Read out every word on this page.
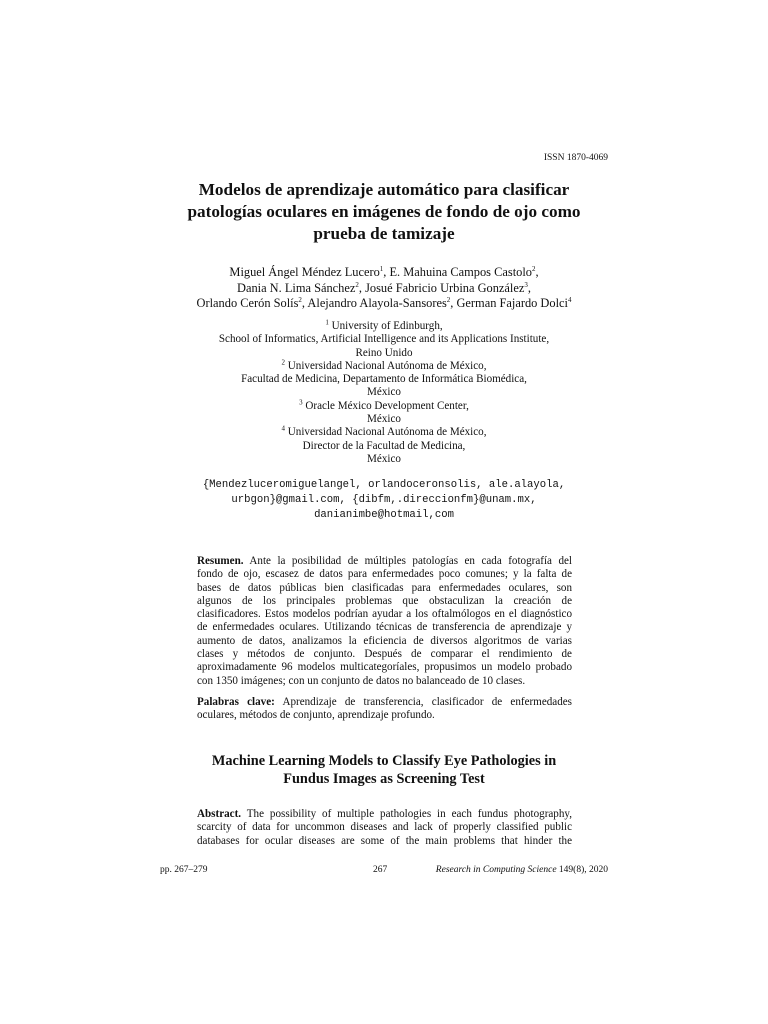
ISSN 1870-4069
Modelos de aprendizaje automático para clasificar
patologías oculares en imágenes de fondo de ojo como
prueba de tamizaje
Miguel Ángel Méndez Lucero$^1$, E. Mahuina Campos Castolo$^2$,
Dania N. Lima Sánchez$^2$, Josué Fabricio Urbina González$^3$,
Orlando Cerón Solís$^2$, Alejandro Alayola-Sansores$^2$, German Fajardo Dolci$^4$
$^1$ University of Edinburgh,
School of Informatics, Artificial Intelligence and its Applications Institute,
Reino Unido
$^2$ Universidad Nacional Autónoma de México,
Facultad de Medicina, Departamento de Informática Biomédica,
México
$^3$ Oracle México Development Center,
México
$^4$ Universidad Nacional Autónoma de México,
Director de la Facultad de Medicina,
México
{Mendezluceromiguelangel, orlandoceronsolis, ale.alayola,
urbgon}@gmail.com, {dibfm,.direccionfm}@unam.mx,
danianimbe@hotmail,com
Resumen. Ante la posibilidad de múltiples patologías en cada fotografía del
fondo de ojo, escasez de datos para enfermedades poco comunes; y la falta de
bases de datos públicas bien clasificadas para enfermedades oculares, son
algunos de los principales problemas que obstaculizan la creación de
clasificadores. Estos modelos podrían ayudar a los oftalmólogos en el diagnóstico
de enfermedades oculares. Utilizando técnicas de transferencia de aprendizaje y
aumento de datos, analizamos la eficiencia de diversos algoritmos de varias
clases y métodos de conjunto. Después de comparar el rendimiento de
aproximadamente 96 modelos multicategoríales, propusimos un modelo probado
con 1350 imágenes; con un conjunto de datos no balanceado de 10 clases.
Palabras clave: Aprendizaje de transferencia, clasificador de enfermedades
oculares, métodos de conjunto, aprendizaje profundo.
Machine Learning Models to Classify Eye Pathologies in
Fundus Images as Screening Test
Abstract. The possibility of multiple pathologies in each fundus photography,
scarcity of data for uncommon diseases and lack of properly classified public
databases for ocular diseases are some of the main problems that hinder the
pp. 267–279	267	Research in Computing Science 149(8), 2020
